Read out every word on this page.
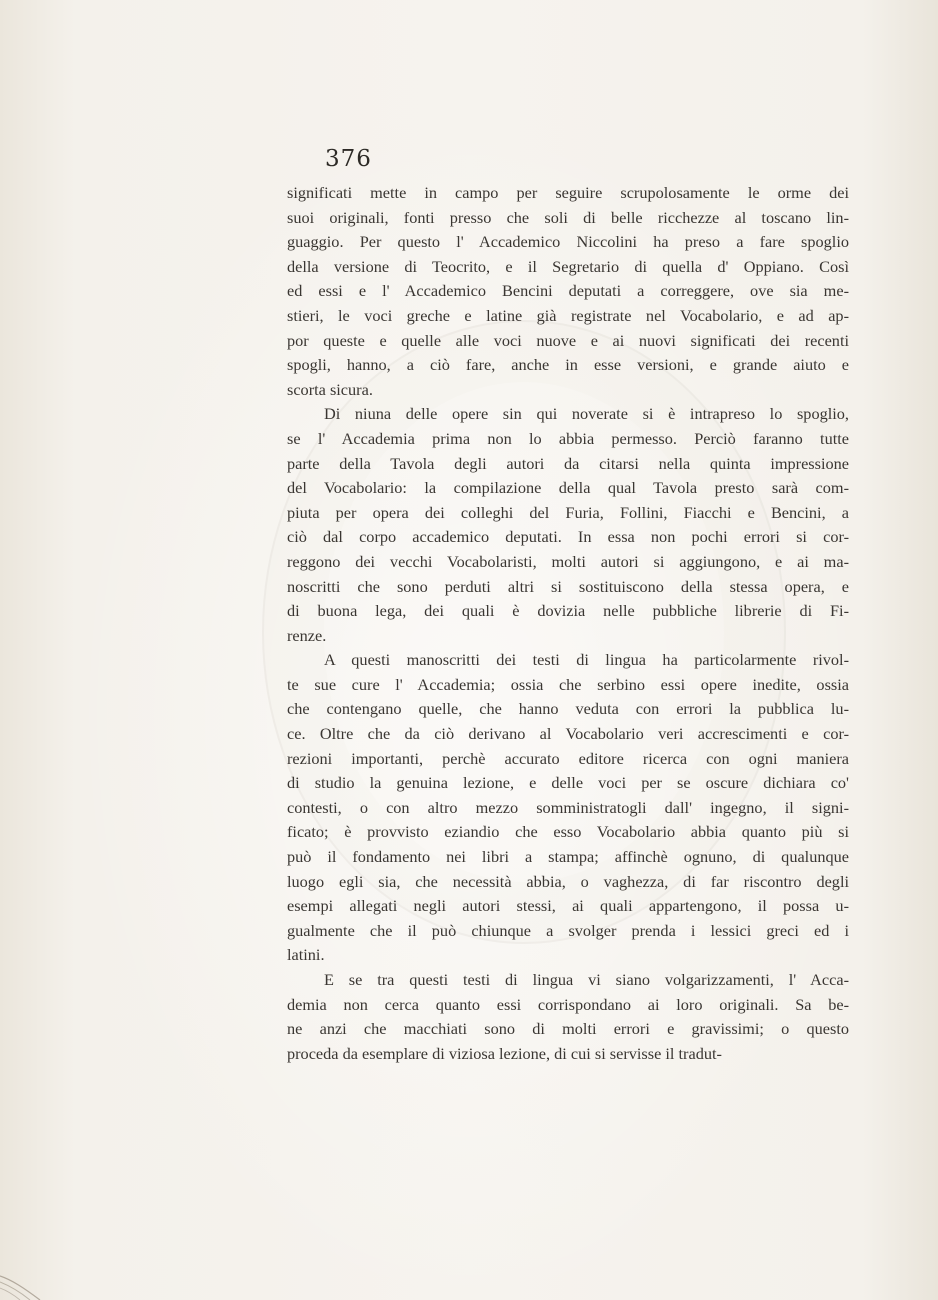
376
significati mette in campo per seguire scrupolosamente le orme dei
suoi originali, fonti presso che soli di belle ricchezze al toscano lin-
guaggio. Per questo l' Accademico Niccolini ha preso a fare spoglio
della versione di Teocrito, e il Segretario di quella d' Oppiano. Così
ed essi e l' Accademico Bencini deputati a correggere, ove sia me-
stieri, le voci greche e latine già registrate nel Vocabolario, e ad ap-
por queste e quelle alle voci nuove e ai nuovi significati dei recenti
spogli, hanno, a ciò fare, anche in esse versioni, e grande aiuto e
scorta sicura.
Di niuna delle opere sin qui noverate si è intrapreso lo spoglio,
se l' Accademia prima non lo abbia permesso. Perciò faranno tutte
parte della Tavola degli autori da citarsi nella quinta impressione
del Vocabolario: la compilazione della qual Tavola presto sarà com-
piuta per opera dei colleghi del Furia, Follini, Fiacchi e Bencini, a
ciò dal corpo accademico deputati. In essa non pochi errori si cor-
reggono dei vecchi Vocabolaristi, molti autori si aggiungono, e ai ma-
noscritti che sono perduti altri si sostituiscono della stessa opera, e
di buona lega, dei quali è dovizia nelle pubbliche librerie di Fi-
renze.
A questi manoscritti dei testi di lingua ha particolarmente rivol-
te sue cure l' Accademia; ossia che serbino essi opere inedite, ossia
che contengano quelle, che hanno veduta con errori la pubblica lu-
ce. Oltre che da ciò derivano al Vocabolario veri accrescimenti e cor-
rezioni importanti, perchè accurato editore ricerca con ogni maniera
di studio la genuina lezione, e delle voci per se oscure dichiara co'
contesti, o con altro mezzo somministratogli dall' ingegno, il signi-
ficato; è provvisto eziandio che esso Vocabolario abbia quanto più si
può il fondamento nei libri a stampa; affinchè ognuno, di qualunque
luogo egli sia, che necessità abbia, o vaghezza, di far riscontro degli
esempi allegati negli autori stessi, ai quali appartengono, il possa u-
gualmente che il può chiunque a svolger prenda i lessici greci ed i
latini.
E se tra questi testi di lingua vi siano volgarizzamenti, l' Acca-
demia non cerca quanto essi corrispondano ai loro originali. Sa be-
ne anzi che macchiati sono di molti errori e gravissimi; o questo
proceda da esemplare di viziosa lezione, di cui si servisse il tradut-
